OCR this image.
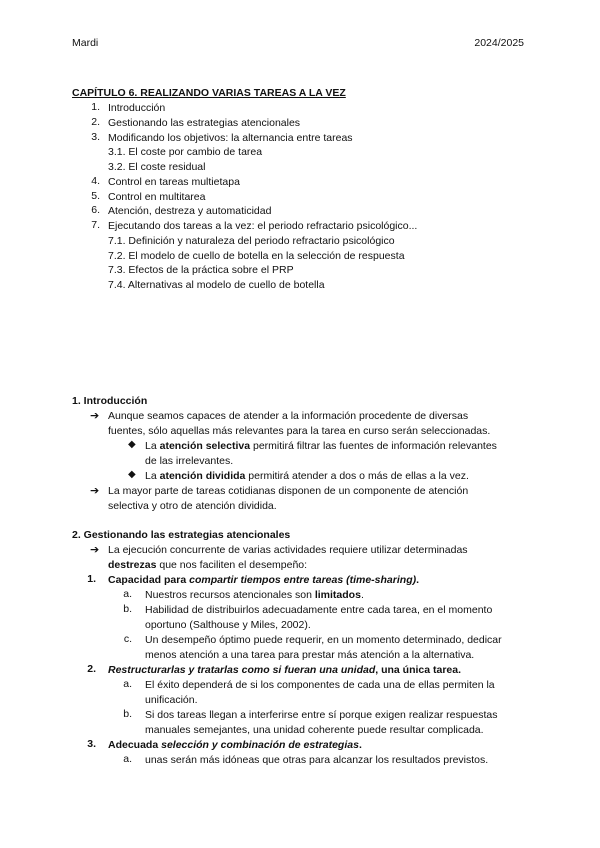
Mardi	2024/2025
CAPÍTULO 6. REALIZANDO VARIAS TAREAS A LA VEZ
1. Introducción
2. Gestionando las estrategias atencionales
3. Modificando los objetivos: la alternancia entre tareas
3.1. El coste por cambio de tarea
3.2. El coste residual
4. Control en tareas multietapa
5. Control en multitarea
6. Atención, destreza y automaticidad
7. Ejecutando dos tareas a la vez: el periodo refractario psicológico...
7.1. Definición y naturaleza del periodo refractario psicológico
7.2. El modelo de cuello de botella en la selección de respuesta
7.3. Efectos de la práctica sobre el PRP
7.4. Alternativas al modelo de cuello de botella
1. Introducción
➔ Aunque seamos capaces de atender a la información procedente de diversas
fuentes, sólo aquellas más relevantes para la tarea en curso serán seleccionadas.
◆ La atención selectiva permitirá filtrar las fuentes de información relevantes
de las irrelevantes.
◆ La atención dividida permitirá atender a dos o más de ellas a la vez.
➔ La mayor parte de tareas cotidianas disponen de un componente de atención
selectiva y otro de atención dividida.
2. Gestionando las estrategias atencionales
➔ La ejecución concurrente de varias actividades requiere utilizar determinadas
destrezas que nos faciliten el desempeño:
1. Capacidad para compartir tiempos entre tareas (time-sharing).
a. Nuestros recursos atencionales son limitados.
b. Habilidad de distribuirlos adecuadamente entre cada tarea, en el momento
oportuno (Salthouse y Miles, 2002).
c. Un desempeño óptimo puede requerir, en un momento determinado, dedicar
menos atención a una tarea para prestar más atención a la alternativa.
2. Restructurarlas y tratarlas como si fueran una unidad, una única tarea.
a. El éxito dependerá de si los componentes de cada una de ellas permiten la
unificación.
b. Si dos tareas llegan a interferirse entre sí porque exigen realizar respuestas
manuales semejantes, una unidad coherente puede resultar complicada.
3. Adecuada selección y combinación de estrategias.
a. unas serán más idóneas que otras para alcanzar los resultados previstos.
